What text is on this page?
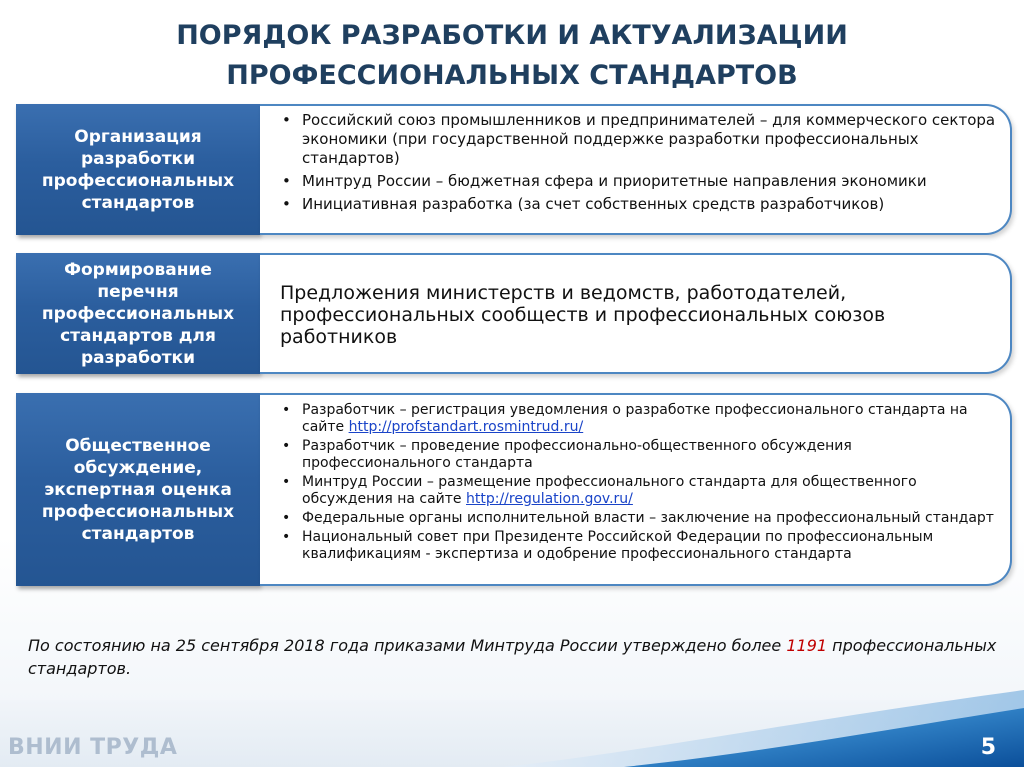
ПОРЯДОК РАЗРАБОТКИ И АКТУАЛИЗАЦИИ
ПРОФЕССИОНАЛЬНЫХ СТАНДАРТОВ
Организация
разработки
профессиональных
стандартов
• Российский союз промышленников и предпринимателей – для коммерческого сектора экономики (при государственной поддержке разработки профессиональных стандартов)
• Минтруд России – бюджетная сфера и приоритетные направления экономики
• Инициативная разработка (за счет собственных средств разработчиков)
Формирование
перечня
профессиональных
стандартов для
разработки
Предложения министерств и ведомств, работодателей, профессиональных сообществ и профессиональных союзов работников
Общественное
обсуждение,
экспертная оценка
профессиональных
стандартов
• Разработчик – регистрация уведомления о разработке профессионального стандарта на сайте http://profstandart.rosmintrud.ru/
• Разработчик – проведение профессионально-общественного обсуждения профессионального стандарта
• Минтруд России – размещение профессионального стандарта для общественного обсуждения на сайте http://regulation.gov.ru/
• Федеральные органы исполнительной власти – заключение на профессиональный стандарт
• Национальный совет при Президенте Российской Федерации по профессиональным квалификациям - экспертиза и одобрение профессионального стандарта
По состоянию на 25 сентября 2018 года приказами Минтруда России утверждено более 1191 профессиональных стандартов.
ВНИИ ТРУДА	5
